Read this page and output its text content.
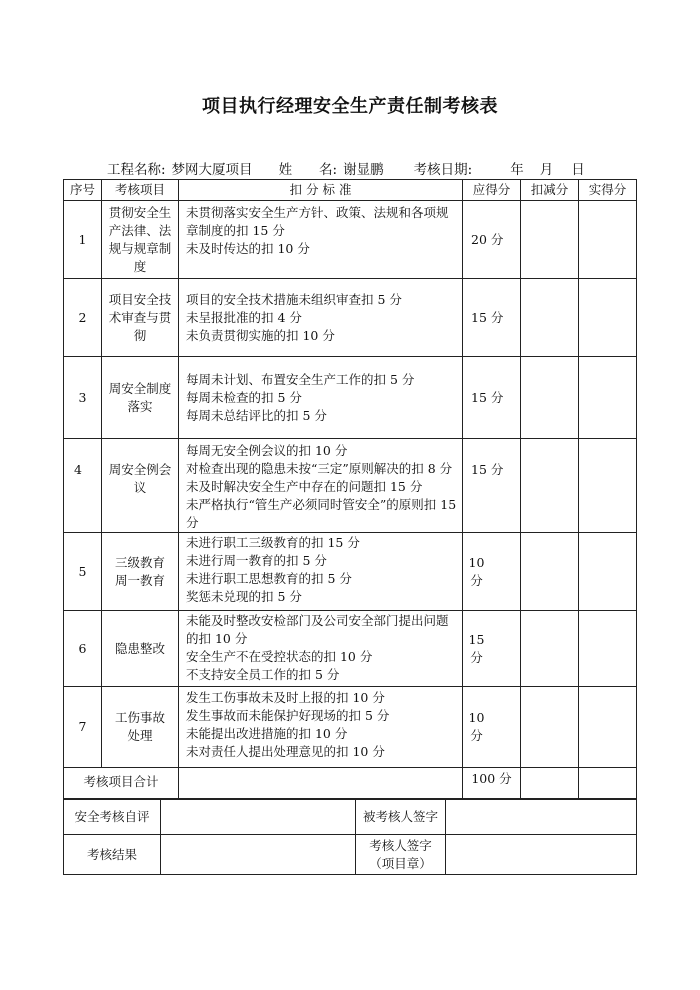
项目执行经理安全生产责任制考核表
工程名称: 梦网大厦项目 姓　　名: 谢显鹏 考核日期:	年 月 日
序号	考核项目	扣 分 标 准	应得分	扣减分	实得分
1	贯彻安全生产法律、法规与规章制度	未贯彻落实安全生产方针、政策、法规和各项规章制度的扣 15 分
未及时传达的扣 10 分	20 分		
2	项目安全技术审查与贯彻	项目的安全技术措施未组织审查扣 5 分
未呈报批准的扣 4 分
未负责贯彻实施的扣 10 分	15 分		
3	周安全制度落实	每周未计划、布置安全生产工作的扣 5 分
每周未检查的扣 5 分
每周未总结评比的扣 5 分	15 分		
4	周安全例会议	每周无安全例会议的扣 10 分
对检查出现的隐患未按“三定”原则解决的扣 8 分
未及时解决安全生产中存在的问题扣 15 分
未严格执行“管生产必须同时管安全”的原则扣 15 分	15 分		
5	三级教育周一教育	未进行职工三级教育的扣 15 分
未进行周一教育的扣 5 分
未进行职工思想教育的扣 5 分
奖惩未兑现的扣 5 分	10 分		
6	隐患整改	未能及时整改安检部门及公司安全部门提出问题的扣 10 分
安全生产不在受控状态的扣 10 分
不支持安全员工作的扣 5 分	15 分		
7	工伤事故处理	发生工伤事故未及时上报的扣 10 分
发生事故而未能保护好现场的扣 5 分
未能提出改进措施的扣 10 分
未对责任人提出处理意见的扣 10 分	10 分		
考核项目合计			100 分		
安全考核自评		被考核人签字	
考核结果		考核人签字
（项目章）	
